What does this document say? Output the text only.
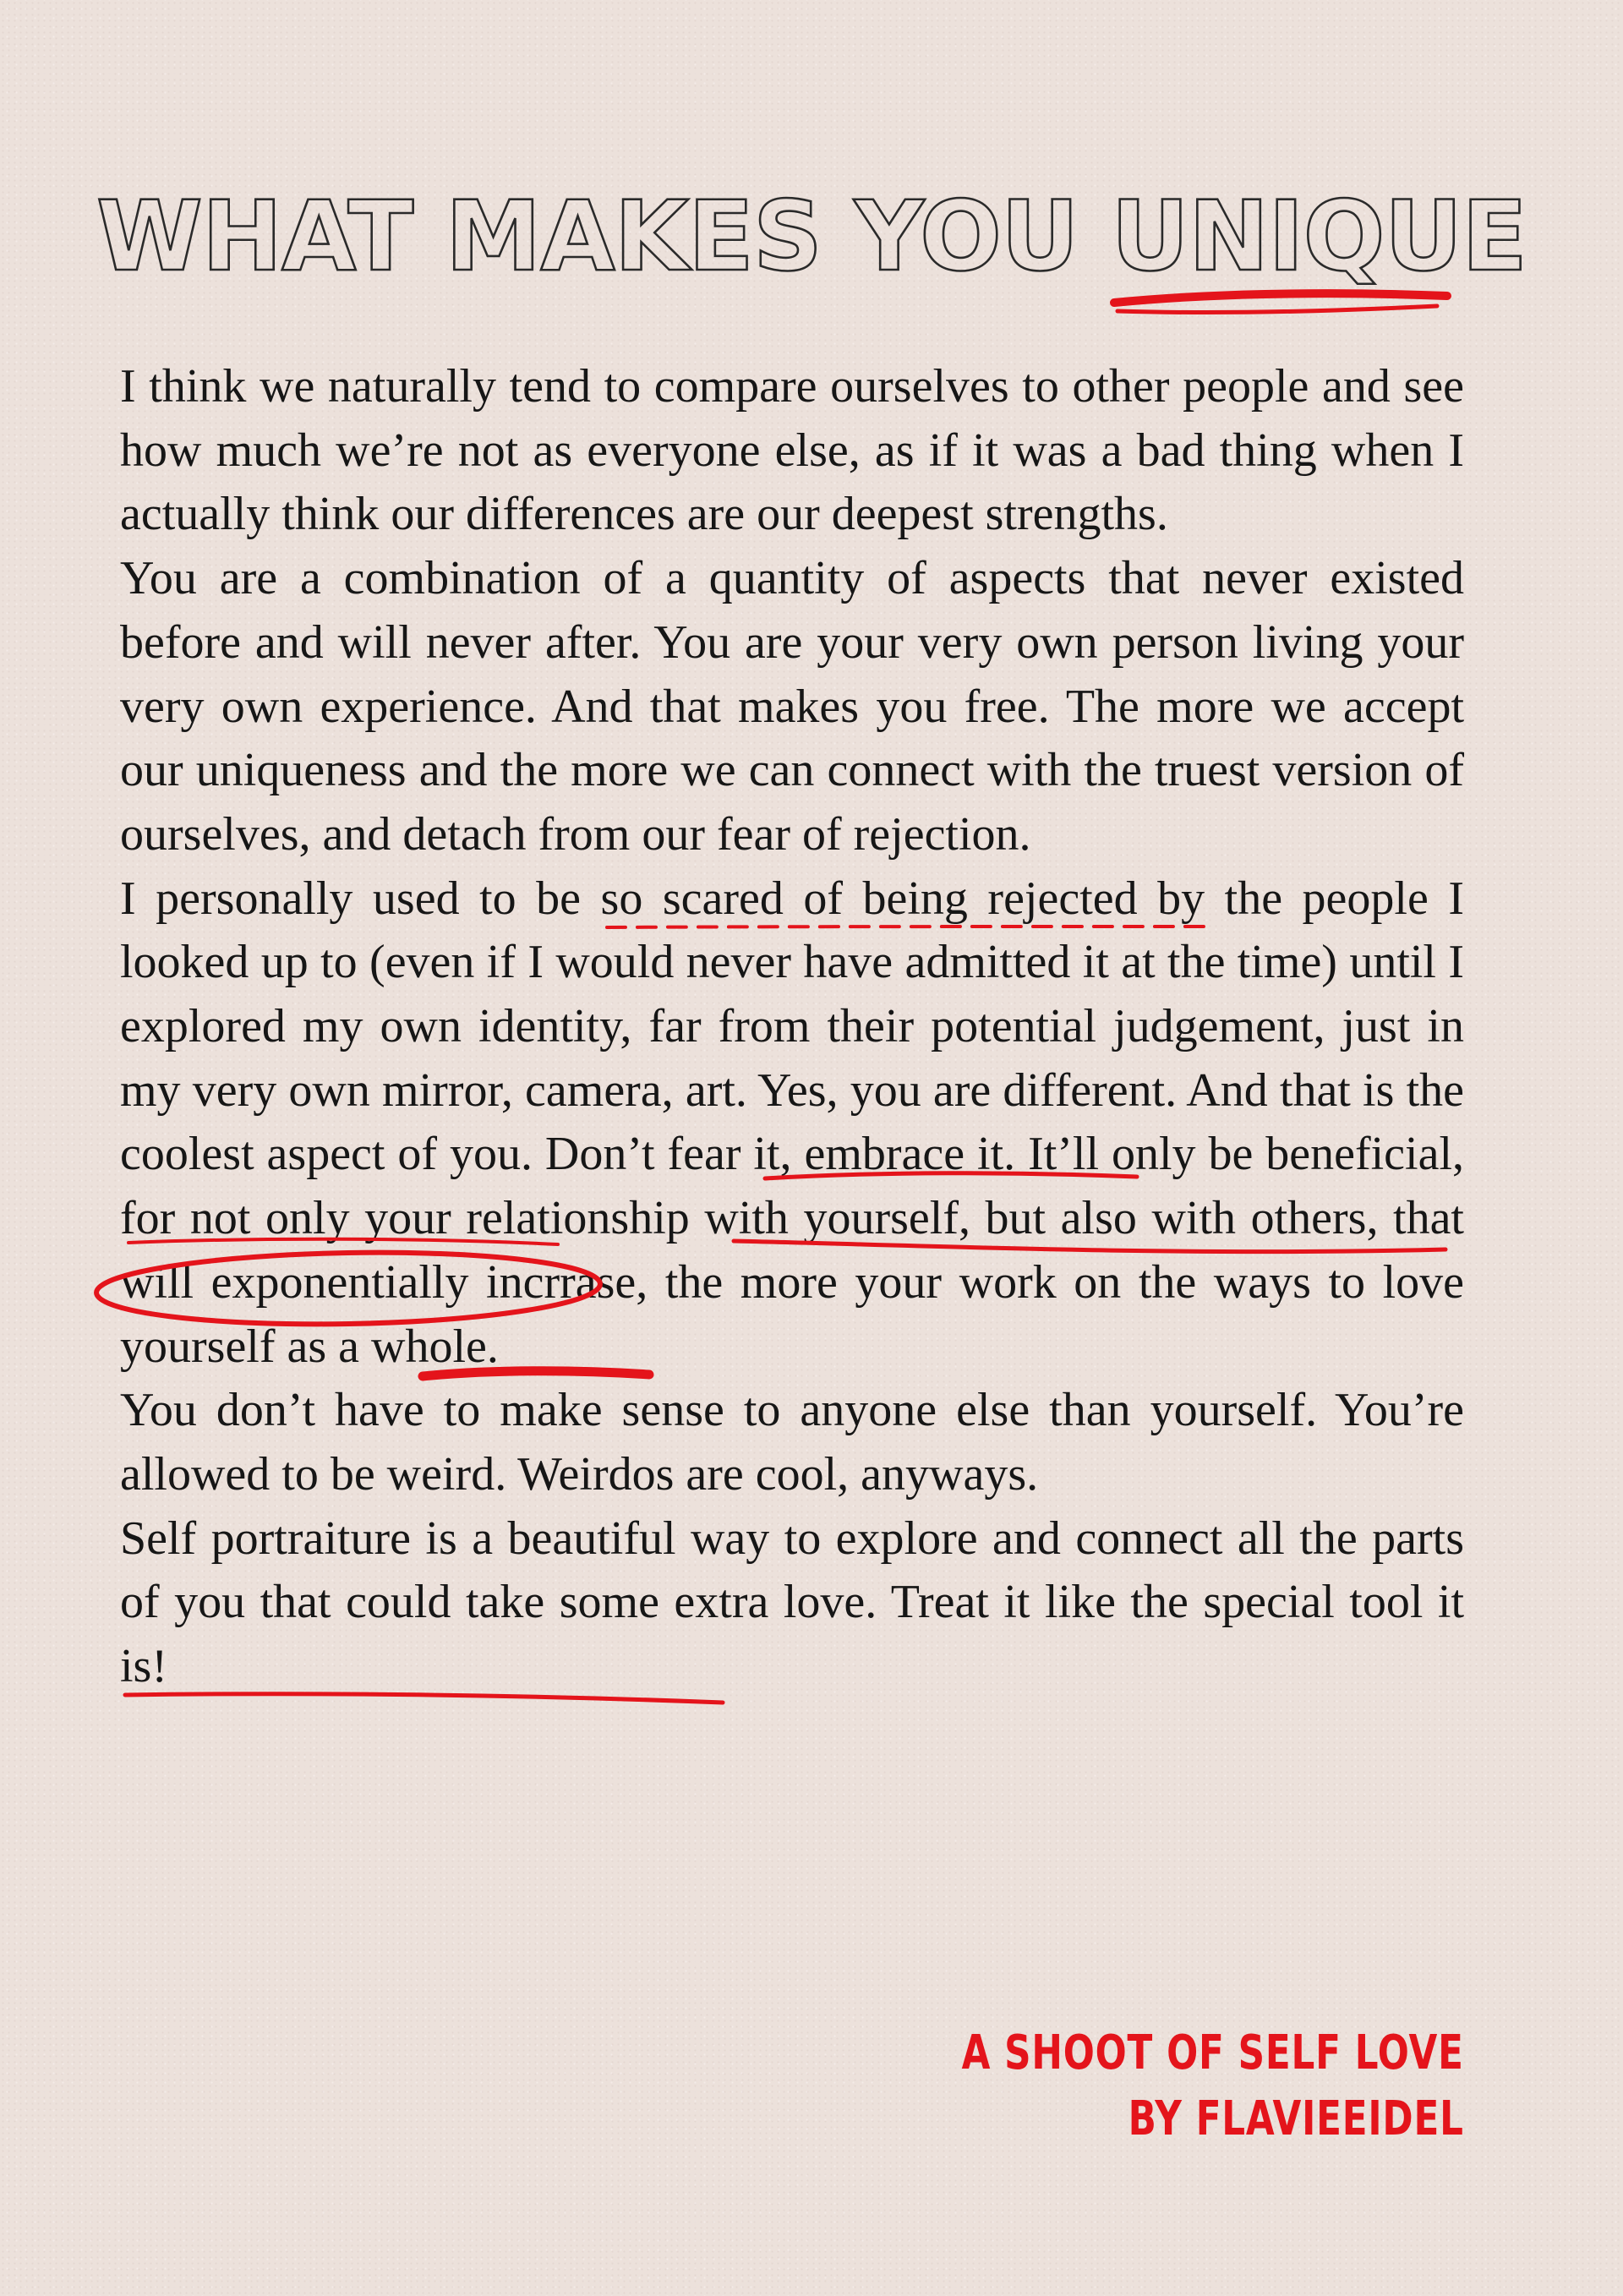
WHAT MAKES YOU UNIQUE

I think we naturally tend to compare ourselves to other people and see how much we’re not as everyone else, as if it was a bad thing when I actually think our differences are our deepest strengths.

You are a combination of a quantity of aspects that never existed before and will never after. You are your very own person living your very own experience. And that makes you free. The more we accept our uniqueness and the more we can connect with the truest version of ourselves, and detach from our fear of rejection.

I personally used to be so scared of being rejected by the people I looked up to (even if I would never have admitted it at the time) until I explored my own identity, far from their potential judgement, just in my very own mirror, camera, art. Yes, you are different. And that is the coolest aspect of you. Don’t fear it, embrace it. It’ll only be beneficial, for not only your relationship with yourself, but also with others, that will exponentially incrrase, the more your work on the ways to love yourself as a whole.

You don’t have to make sense to anyone else than yourself. You’re allowed to be weird. Weirdos are cool, anyways.

Self portraiture is a beautiful way to explore and connect all the parts of you that could take some extra love. Treat it like the special tool it is!

A SHOOT OF SELF LOVE
BY FLAVIEEIDEL
